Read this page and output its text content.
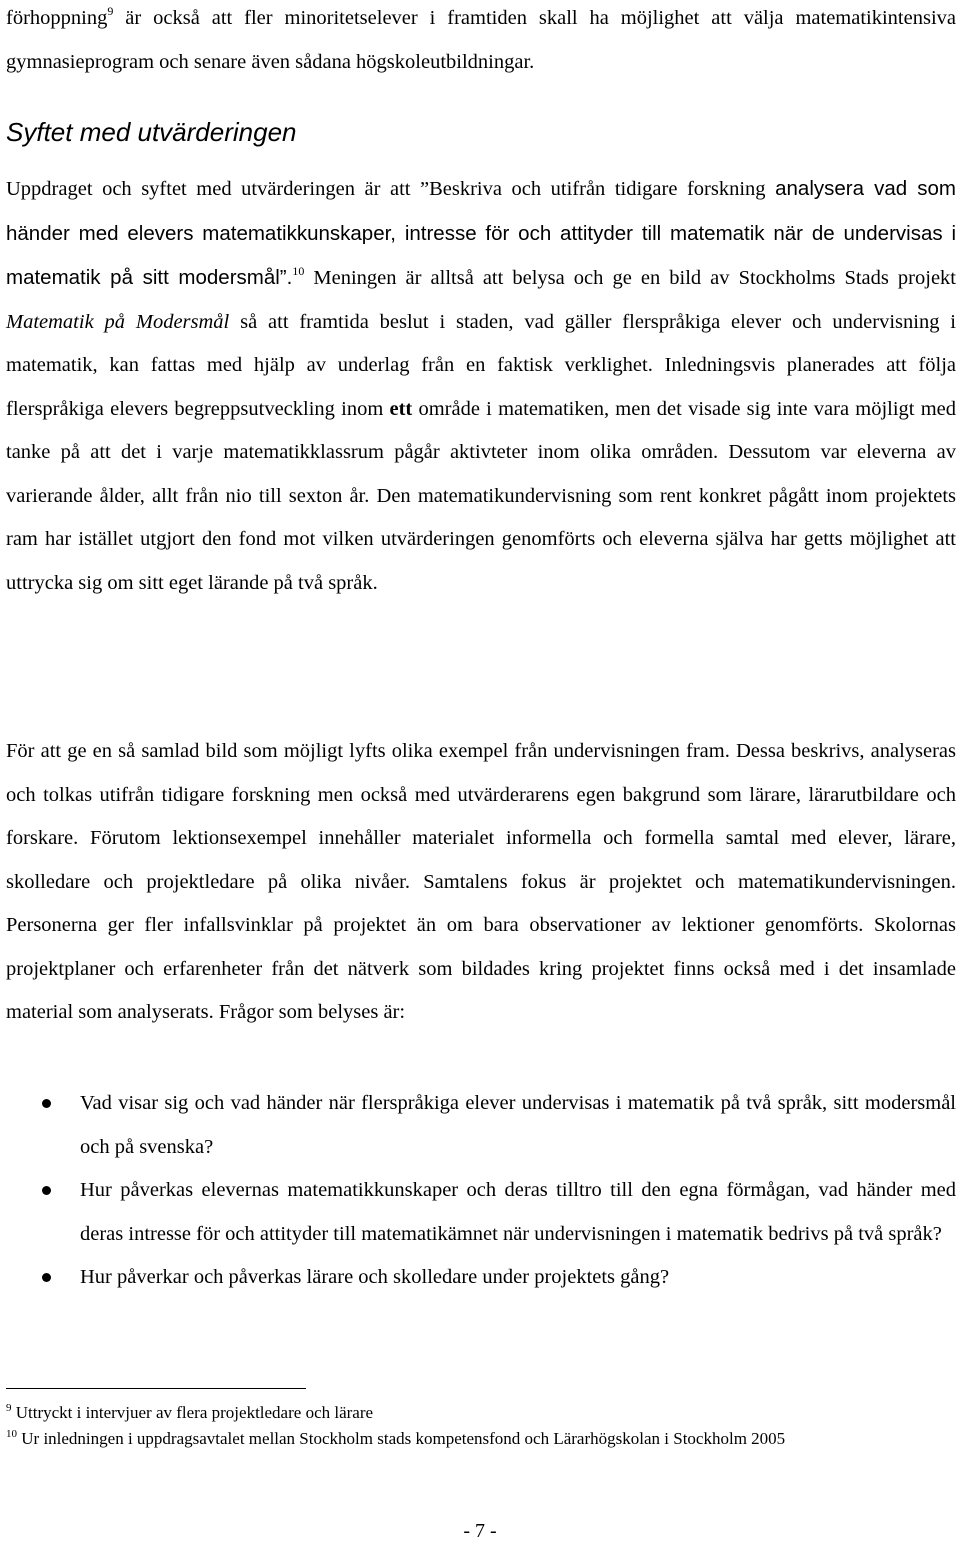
förhoppning$^9$ är också att fler minoritetselever i framtiden skall ha möjlighet att välja matematikintensiva gymnasieprogram och senare även sådana högskoleutbildningar.

Syftet med utvärderingen

Uppdraget och syftet med utvärderingen är att ”Beskriva och utifrån tidigare forskning analysera vad som händer med elevers matematikkunskaper, intresse för och attityder till matematik när de undervisas i matematik på sitt modersmål”.$^{10}$ Meningen är alltså att belysa och ge en bild av Stockholms Stads projekt Matematik på Modersmål så att framtida beslut i staden, vad gäller flerspråkiga elever och undervisning i matematik, kan fattas med hjälp av underlag från en faktisk verklighet. Inledningsvis planerades att följa flerspråkiga elevers begreppsutveckling inom ett område i matematiken, men det visade sig inte vara möjligt med tanke på att det i varje matematikklassrum pågår aktivteter inom olika områden. Dessutom var eleverna av varierande ålder, allt från nio till sexton år. Den matematikundervisning som rent konkret pågått inom projektets ram har istället utgjort den fond mot vilken utvärderingen genomförts och eleverna själva har getts möjlighet att uttrycka sig om sitt eget lärande på två språk.

För att ge en så samlad bild som möjligt lyfts olika exempel från undervisningen fram. Dessa beskrivs, analyseras och tolkas utifrån tidigare forskning men också med utvärderarens egen bakgrund som lärare, lärarutbildare och forskare. Förutom lektionsexempel innehåller materialet informella och formella samtal med elever, lärare, skolledare och projektledare på olika nivåer. Samtalens fokus är projektet och matematikundervisningen. Personerna ger fler infallsvinklar på projektet än om bara observationer av lektioner genomförts. Skolornas projektplaner och erfarenheter från det nätverk som bildades kring projektet finns också med i det insamlade material som analyserats. Frågor som belyses är:

Vad visar sig och vad händer när flerspråkiga elever undervisas i matematik på två språk, sitt modersmål och på svenska?
Hur påverkas elevernas matematikkunskaper och deras tilltro till den egna förmågan, vad händer med deras intresse för och attityder till matematikämnet när undervisningen i matematik bedrivs på två språk?
Hur påverkar och påverkas lärare och skolledare under projektets gång?

$^9$ Uttryckt i intervjuer av flera projektledare och lärare

$^{10}$ Ur inledningen i uppdragsavtalet mellan Stockholm stads kompetensfond och Lärarhögskolan i Stockholm 2005

- 7 -
